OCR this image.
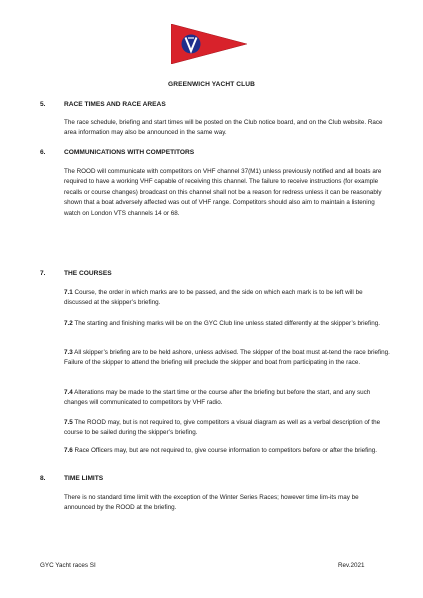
GREENWICH YACHT CLUB
5.	RACE TIMES AND RACE AREAS

The race schedule, briefing and start times will be posted on the Club notice board, and on the Club website. Race area information may also be announced in the same way.

6.	COMMUNICATIONS WITH COMPETITORS

The ROOD will communicate with competitors on VHF channel 37(M1) unless previously notified and all boats are required to have a working VHF capable of receiving this channel. The failure to receive instructions (for example recalls or course changes) broadcast on this channel shall not be a reason for redress unless it can be reasonably shown that a boat adversely affected was out of VHF range. Competitors should also aim to maintain a listening watch on London VTS channels 14 or 68.

7.	THE COURSES

7.1 Course, the order in which marks are to be passed, and the side on which each mark is to be left will be discussed at the skipper’s briefing.

7.2 The starting and finishing marks will be on the GYC Club line unless stated differently at the skipper’s briefing.

7.3 All skipper’s briefing are to be held ashore, unless advised. The skipper of the boat must at-tend the race briefing. Failure of the skipper to attend the briefing will preclude the skipper and boat from participating in the race.

7.4 Alterations may be made to the start time or the course after the briefing but before the start, and any such changes will communicated to competitors by VHF radio.

7.5 The ROOD may, but is not required to, give competitors a visual diagram as well as a verbal description of the course to be sailed during the skipper’s briefing.

7.6 Race Officers may, but are not required to, give course information to competitors before or after the briefing.

8.	TIME LIMITS

There is no standard time limit with the exception of the Winter Series Races; however time lim-its may be announced by the ROOD at the briefing.

GYC Yacht races SI	Rev.2021
